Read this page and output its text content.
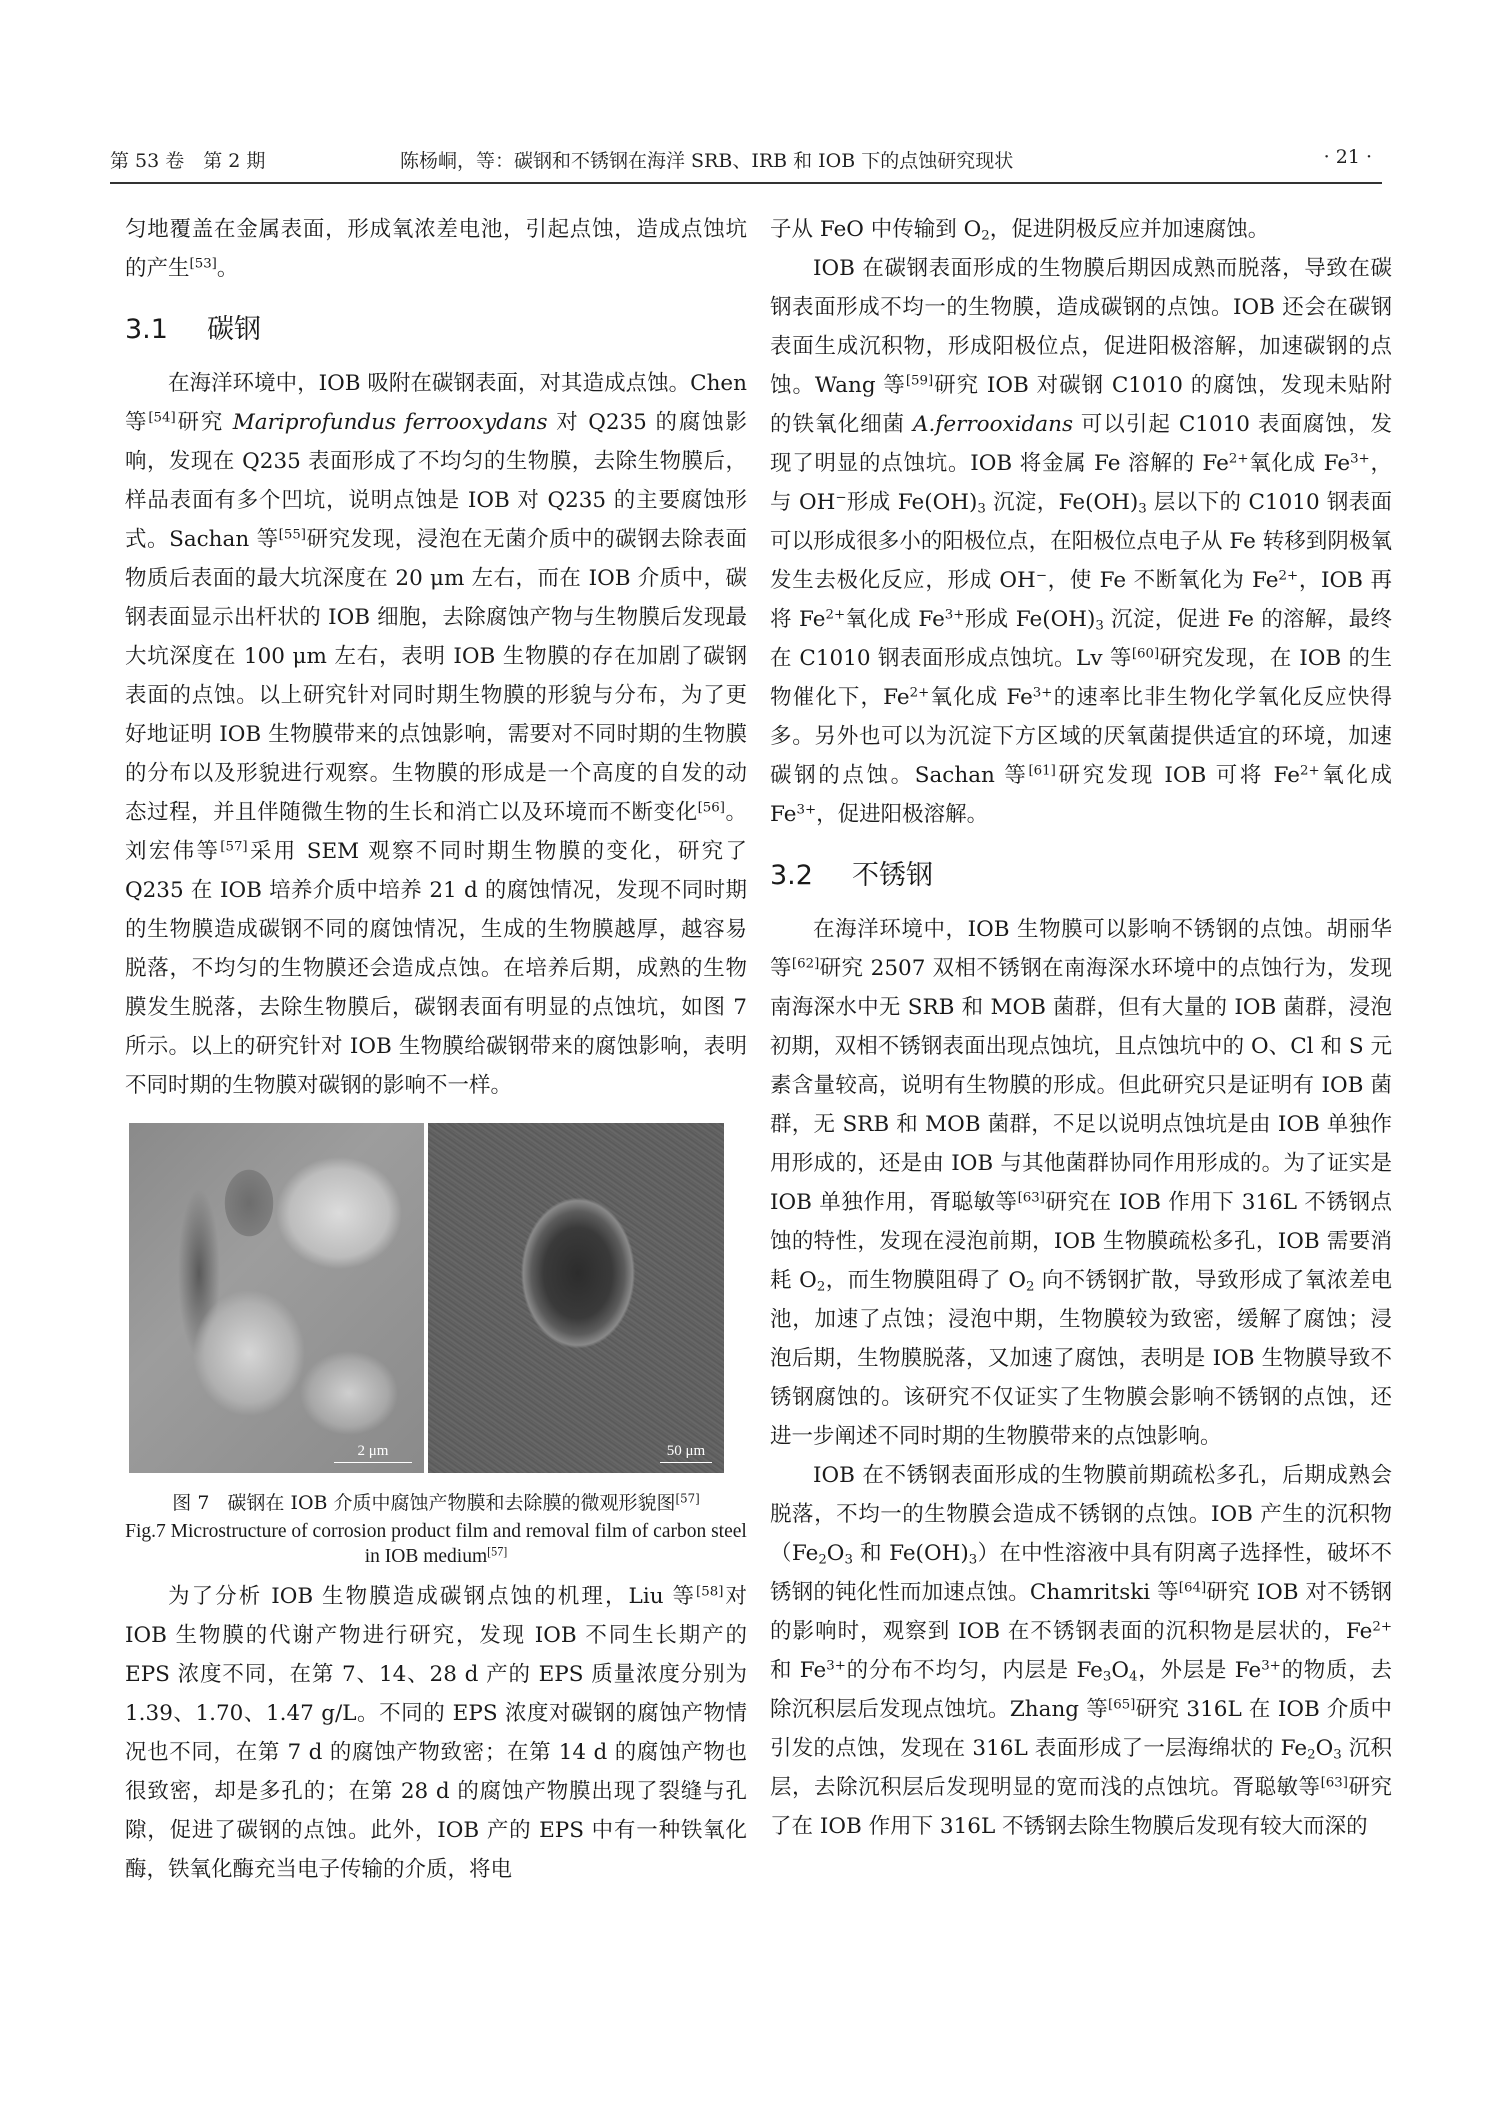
第 53 卷　第 2 期	陈杨峒，等：碳钢和不锈钢在海洋 SRB、IRB 和 IOB 下的点蚀研究现状	· 21 ·

匀地覆盖在金属表面，形成氧浓差电池，引起点蚀，造成点蚀坑的产生[53]。

3.1 碳钢

在海洋环境中，IOB 吸附在碳钢表面，对其造成点蚀。Chen 等[54]研究 Mariprofundus ferrooxydans 对 Q235 的腐蚀影响，发现在 Q235 表面形成了不均匀的生物膜，去除生物膜后，样品表面有多个凹坑，说明点蚀是 IOB 对 Q235 的主要腐蚀形式。Sachan 等[55]研究发现，浸泡在无菌介质中的碳钢去除表面物质后表面的最大坑深度在 20 μm 左右，而在 IOB 介质中，碳钢表面显示出杆状的 IOB 细胞，去除腐蚀产物与生物膜后发现最大坑深度在 100 μm 左右，表明 IOB 生物膜的存在加剧了碳钢表面的点蚀。以上研究针对同时期生物膜的形貌与分布，为了更好地证明 IOB 生物膜带来的点蚀影响，需要对不同时期的生物膜的分布以及形貌进行观察。生物膜的形成是一个高度的自发的动态过程，并且伴随微生物的生长和消亡以及环境而不断变化[56]。刘宏伟等[57]采用 SEM 观察不同时期生物膜的变化，研究了 Q235 在 IOB 培养介质中培养 21 d 的腐蚀情况，发现不同时期的生物膜造成碳钢不同的腐蚀情况，生成的生物膜越厚，越容易脱落，不均匀的生物膜还会造成点蚀。在培养后期，成熟的生物膜发生脱落，去除生物膜后，碳钢表面有明显的点蚀坑，如图 7 所示。以上的研究针对 IOB 生物膜给碳钢带来的腐蚀影响，表明不同时期的生物膜对碳钢的影响不一样。

2 μm	50 μm
图 7 碳钢在 IOB 介质中腐蚀产物膜和去除膜的微观形貌图[57]
Fig.7 Microstructure of corrosion product film and removal film of carbon steel in IOB medium[57]

为了分析 IOB 生物膜造成碳钢点蚀的机理，Liu 等[58]对 IOB 生物膜的代谢产物进行研究，发现 IOB 不同生长期产的 EPS 浓度不同，在第 7、14、28 d 产的 EPS 质量浓度分别为 1.39、1.70、1.47 g/L。不同的 EPS 浓度对碳钢的腐蚀产物情况也不同，在第 7 d 的腐蚀产物致密；在第 14 d 的腐蚀产物也很致密，却是多孔的；在第 28 d 的腐蚀产物膜出现了裂缝与孔隙，促进了碳钢的点蚀。此外，IOB 产的 EPS 中有一种铁氧化酶，铁氧化酶充当电子传输的介质，将电

子从 FeO 中传输到 $O_2$，促进阴极反应并加速腐蚀。

IOB 在碳钢表面形成的生物膜后期因成熟而脱落，导致在碳钢表面形成不均一的生物膜，造成碳钢的点蚀。IOB 还会在碳钢表面生成沉积物，形成阳极位点，促进阳极溶解，加速碳钢的点蚀。Wang 等[59]研究 IOB 对碳钢 C1010 的腐蚀，发现未贴附的铁氧化细菌 A.ferrooxidans 可以引起 C1010 表面腐蚀，发现了明显的点蚀坑。IOB 将金属 Fe 溶解的 $Fe^{2+}$氧化成 $Fe^{3+}$，与 OH−形成 $Fe(OH)_3$ 沉淀，$Fe(OH)_3$ 层以下的 C1010 钢表面可以形成很多小的阳极位点，在阳极位点电子从 Fe 转移到阴极氧发生去极化反应，形成 OH−，使 Fe 不断氧化为 $Fe^{2+}$，IOB 再将 $Fe^{2+}$氧化成 $Fe^{3+}$形成 $Fe(OH)_3$ 沉淀，促进 Fe 的溶解，最终在 C1010 钢表面形成点蚀坑。Lv 等[60]研究发现，在 IOB 的生物催化下，$Fe^{2+}$氧化成 $Fe^{3+}$的速率比非生物化学氧化反应快得多。另外也可以为沉淀下方区域的厌氧菌提供适宜的环境，加速碳钢的点蚀。Sachan 等[61]研究发现 IOB 可将 $Fe^{2+}$氧化成 $Fe^{3+}$，促进阳极溶解。

3.2 不锈钢

在海洋环境中，IOB 生物膜可以影响不锈钢的点蚀。胡丽华等[62]研究 2507 双相不锈钢在南海深水环境中的点蚀行为，发现南海深水中无 SRB 和 MOB 菌群，但有大量的 IOB 菌群，浸泡初期，双相不锈钢表面出现点蚀坑，且点蚀坑中的 O、Cl 和 S 元素含量较高，说明有生物膜的形成。但此研究只是证明有 IOB 菌群，无 SRB 和 MOB 菌群，不足以说明点蚀坑是由 IOB 单独作用形成的，还是由 IOB 与其他菌群协同作用形成的。为了证实是 IOB 单独作用，胥聪敏等[63]研究在 IOB 作用下 316L 不锈钢点蚀的特性，发现在浸泡前期，IOB 生物膜疏松多孔，IOB 需要消耗 $O_2$，而生物膜阻碍了 $O_2$ 向不锈钢扩散，导致形成了氧浓差电池，加速了点蚀；浸泡中期，生物膜较为致密，缓解了腐蚀；浸泡后期，生物膜脱落，又加速了腐蚀，表明是 IOB 生物膜导致不锈钢腐蚀的。该研究不仅证实了生物膜会影响不锈钢的点蚀，还进一步阐述不同时期的生物膜带来的点蚀影响。

IOB 在不锈钢表面形成的生物膜前期疏松多孔，后期成熟会脱落，不均一的生物膜会造成不锈钢的点蚀。IOB 产生的沉积物（$Fe_2O_3$ 和 $Fe(OH)_3$）在中性溶液中具有阴离子选择性，破坏不锈钢的钝化性而加速点蚀。Chamritski 等[64]研究 IOB 对不锈钢的影响时，观察到 IOB 在不锈钢表面的沉积物是层状的，$Fe^{2+}$ 和 $Fe^{3+}$的分布不均匀，内层是 $Fe_3O_4$，外层是 $Fe^{3+}$的物质，去除沉积层后发现点蚀坑。Zhang 等[65]研究 316L 在 IOB 介质中引发的点蚀，发现在 316L 表面形成了一层海绵状的 $Fe_2O_3$ 沉积层，去除沉积层后发现明显的宽而浅的点蚀坑。胥聪敏等[63]研究了在 IOB 作用下 316L 不锈钢去除生物膜后发现有较大而深的
